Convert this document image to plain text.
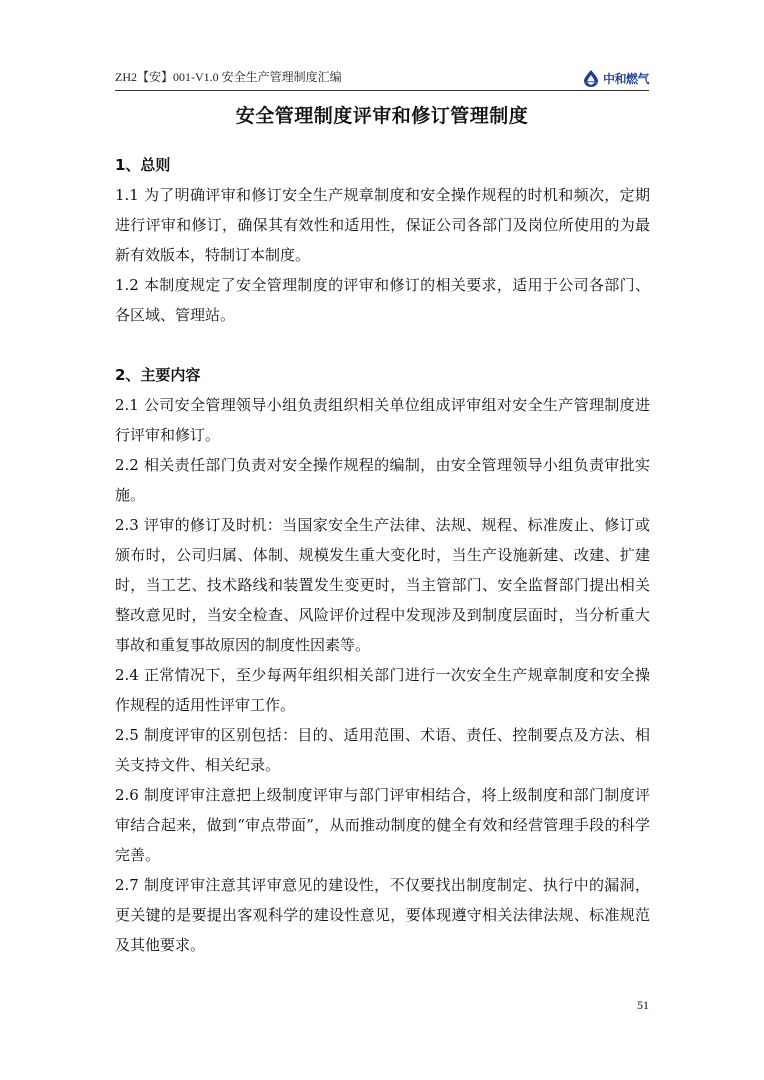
ZH2【安】001-V1.0 安全生产管理制度汇编	中和燃气
安全管理制度评审和修订管理制度
1、总则

1.1 为了明确评审和修订安全生产规章制度和安全操作规程的时机和频次，定期进行评审和修订，确保其有效性和适用性，保证公司各部门及岗位所使用的为最新有效版本，特制订本制度。

1.2 本制度规定了安全管理制度的评审和修订的相关要求，适用于公司各部门、各区域、管理站。

2、主要内容

2.1 公司安全管理领导小组负责组织相关单位组成评审组对安全生产管理制度进行评审和修订。

2.2 相关责任部门负责对安全操作规程的编制，由安全管理领导小组负责审批实施。

2.3 评审的修订及时机：当国家安全生产法律、法规、规程、标准废止、修订或颁布时，公司归属、体制、规模发生重大变化时，当生产设施新建、改建、扩建时，当工艺、技术路线和装置发生变更时，当主管部门、安全监督部门提出相关整改意见时，当安全检查、风险评价过程中发现涉及到制度层面时，当分析重大事故和重复事故原因的制度性因素等。

2.4 正常情况下，至少每两年组织相关部门进行一次安全生产规章制度和安全操作规程的适用性评审工作。

2.5 制度评审的区别包括：目的、适用范围、术语、责任、控制要点及方法、相关支持文件、相关纪录。

2.6 制度评审注意把上级制度评审与部门评审相结合，将上级制度和部门制度评审结合起来，做到“审点带面”，从而推动制度的健全有效和经营管理手段的科学完善。

2.7 制度评审注意其评审意见的建设性，不仅要找出制度制定、执行中的漏洞，更关键的是要提出客观科学的建设性意见，要体现遵守相关法律法规、标准规范及其他要求。

51
